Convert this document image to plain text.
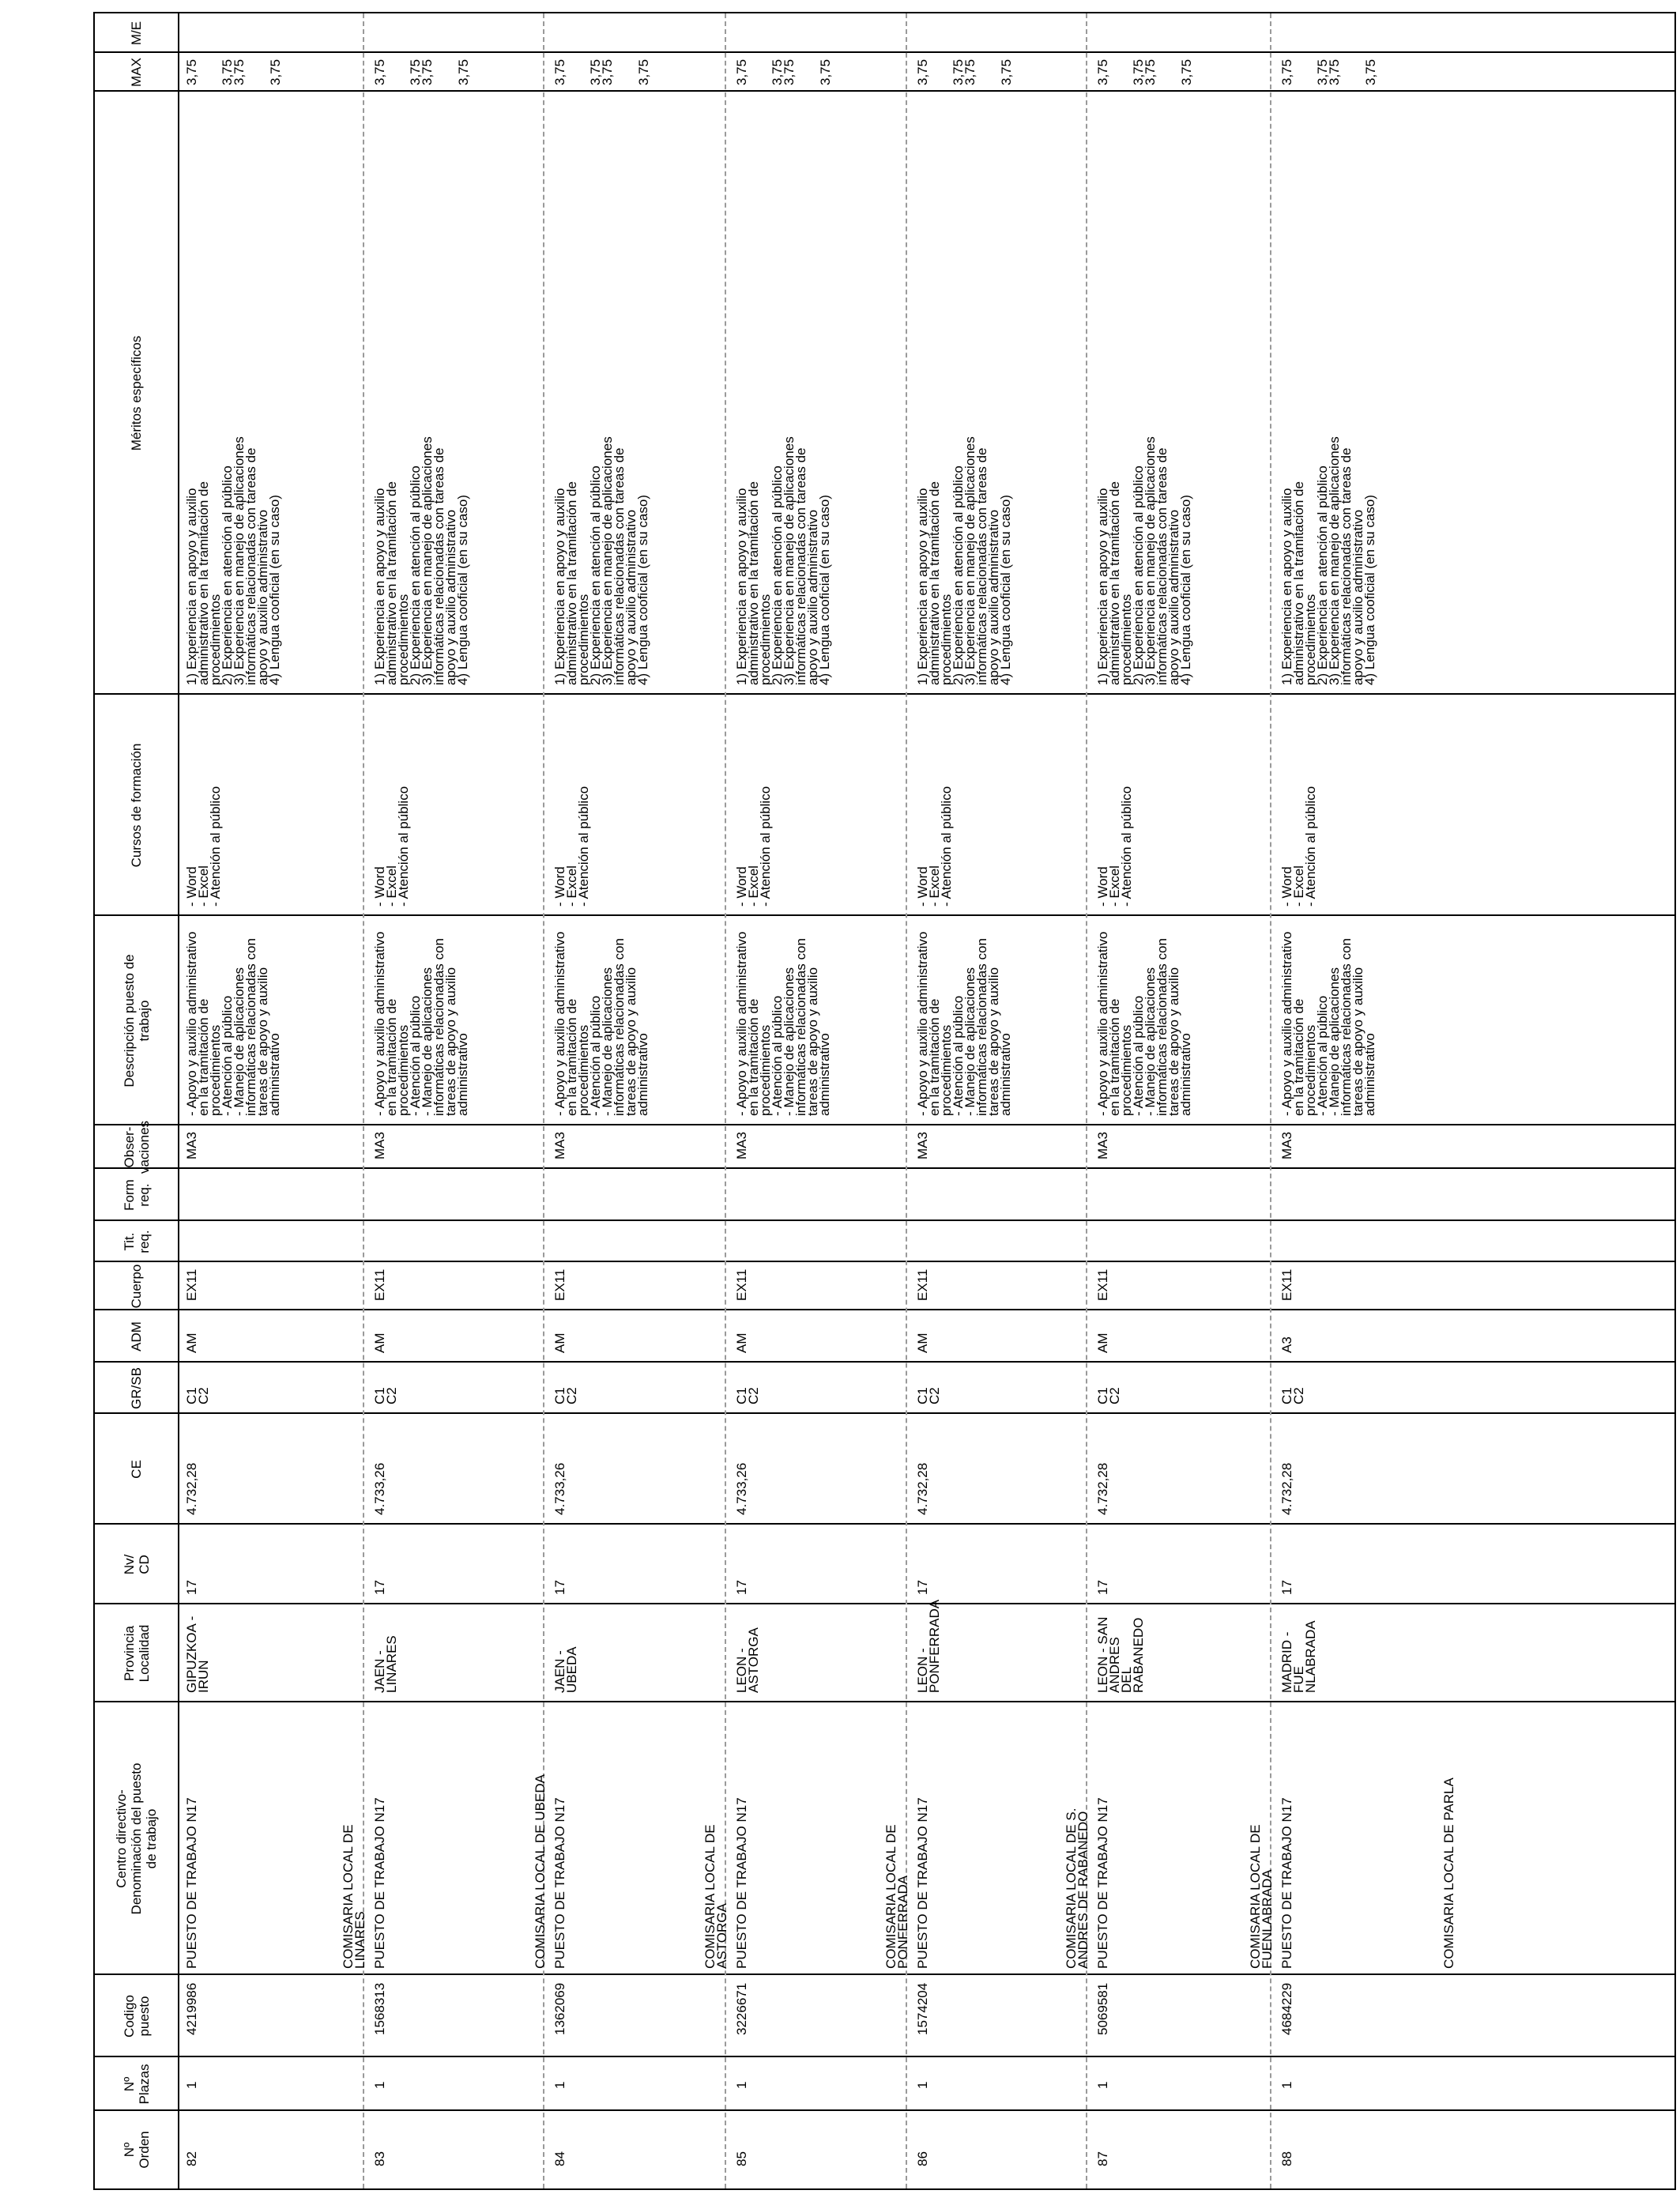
Nº
Orden
Nº
Plazas
Codigo
puesto
Centro directivo-
Denominación del puesto
de trabajo
Provincia
Localidad
Nv/
CD
CE
GR/SB
ADM
Cuerpo
Tit.
req.
Form
req.
Obser-
vaciones
Descripción puesto de
trabajo
Cursos de formación
Méritos específicos
MAX
M/E
82
1
4219986
GIPUZKOA -
IRUN
17
4.732,28
C1
C2
AM
EX11
MA3
- Apoyo y auxilio administrativo
en la tramitación de
procedimientos
- Atención al público
- Manejo de aplicaciones
informáticas relacionadas con
tareas de apoyo y auxilio
administrativo
- Word
- Excel
- Atención al público
PUESTO DE TRABAJO N17
1) Experiencia en apoyo y auxilio
administrativo en la tramitación de
procedimientos
2) Experiencia en atención al público
3) Experiencia en manejo de aplicaciones
informáticas relacionadas con tareas de
apoyo y auxilio administrativo
4) Lengua cooficial (en su caso)
3,75 3,75
3,75 3,75
83
1
1568313
JAEN -
LINARES
17
4.733,26
C1
C2
AM
EX11
MA3
- Apoyo y auxilio administrativo
en la tramitación de
procedimientos
- Atención al público
- Manejo de aplicaciones
informáticas relacionadas con
tareas de apoyo y auxilio
administrativo
- Word
- Excel
- Atención al público
COMISARIA LOCAL DE
LINARES PUESTO DE TRABAJO N17
1) Experiencia en apoyo y auxilio
administrativo en la tramitación de
procedimientos
2) Experiencia en atención al público
3) Experiencia en manejo de aplicaciones
informáticas relacionadas con tareas de
apoyo y auxilio administrativo
4) Lengua cooficial (en su caso)
3,75 3,75
3,75 3,75
84
1
1362069
JAEN - UBEDA
17
4.733,26
C1
C2
AM
EX11
MA3
- Apoyo y auxilio administrativo
en la tramitación de
procedimientos
- Atención al público
- Manejo de aplicaciones
informáticas relacionadas con
tareas de apoyo y auxilio
administrativo
- Word
- Excel
- Atención al público
COMISARIA LOCAL DE UBEDA PUESTO DE TRABAJO N17
1) Experiencia en apoyo y auxilio
administrativo en la tramitación de
procedimientos
2) Experiencia en atención al público
3) Experiencia en manejo de aplicaciones
informáticas relacionadas con tareas de
apoyo y auxilio administrativo
4) Lengua cooficial (en su caso)
3,75 3,75
3,75 3,75
85
1
3226671
LEON -
ASTORGA
17
4.733,26
C1
C2
AM
EX11
MA3
- Apoyo y auxilio administrativo
en la tramitación de
procedimientos
- Atención al público
- Manejo de aplicaciones
informáticas relacionadas con
tareas de apoyo y auxilio
administrativo
- Word
- Excel
- Atención al público
COMISARIA LOCAL DE
ASTORGA PUESTO DE TRABAJO N17
1) Experiencia en apoyo y auxilio
administrativo en la tramitación de
procedimientos
2) Experiencia en atención al público
3) Experiencia en manejo de aplicaciones
informáticas relacionadas con tareas de
apoyo y auxilio administrativo
4) Lengua cooficial (en su caso)
3,75 3,75
3,75 3,75
86
1
1574204
LEON -
PONFERRADA
17
4.732,28
C1
C2
AM
EX11
MA3
- Apoyo y auxilio administrativo
en la tramitación de
procedimientos
- Atención al público
- Manejo de aplicaciones
informáticas relacionadas con
tareas de apoyo y auxilio
administrativo
- Word
- Excel
- Atención al público
COMISARIA LOCAL DE
PONFERRADA PUESTO DE TRABAJO N17
1) Experiencia en apoyo y auxilio
administrativo en la tramitación de
procedimientos
2) Experiencia en atención al público
3) Experiencia en manejo de aplicaciones
informáticas relacionadas con tareas de
apoyo y auxilio administrativo
4) Lengua cooficial (en su caso)
3,75 3,75
3,75 3,75
87
1
5069581
LEON - SAN
ANDRES DEL
RABANEDO
17
4.732,28
C1
C2
AM
EX11
MA3
- Apoyo y auxilio administrativo
en la tramitación de
procedimientos
- Atención al público
- Manejo de aplicaciones
informáticas relacionadas con
tareas de apoyo y auxilio
administrativo
- Word
- Excel
- Atención al público
COMISARIA LOCAL DE S.
ANDRES DE RABANEDO PUESTO DE TRABAJO N17
1) Experiencia en apoyo y auxilio
administrativo en la tramitación de
procedimientos
2) Experiencia en atención al público
3) Experiencia en manejo de aplicaciones
informáticas relacionadas con tareas de
apoyo y auxilio administrativo
4) Lengua cooficial (en su caso)
3,75 3,75
3,75 3,75
88
1
4684229
MADRID - FUE
NLABRADA
17
4.732,28
C1
C2
A3
EX11
MA3
- Apoyo y auxilio administrativo
en la tramitación de
procedimientos
- Atención al público
- Manejo de aplicaciones
informáticas relacionadas con
tareas de apoyo y auxilio
administrativo
- Word
- Excel
- Atención al público
COMISARIA LOCAL DE
FUENLABRADA PUESTO DE TRABAJO N17
1) Experiencia en apoyo y auxilio
administrativo en la tramitación de
procedimientos
2) Experiencia en atención al público
3) Experiencia en manejo de aplicaciones
informáticas relacionadas con tareas de
apoyo y auxilio administrativo
4) Lengua cooficial (en su caso)
3,75 3,75
3,75 3,75
COMISARIA LOCAL DE PARLA
